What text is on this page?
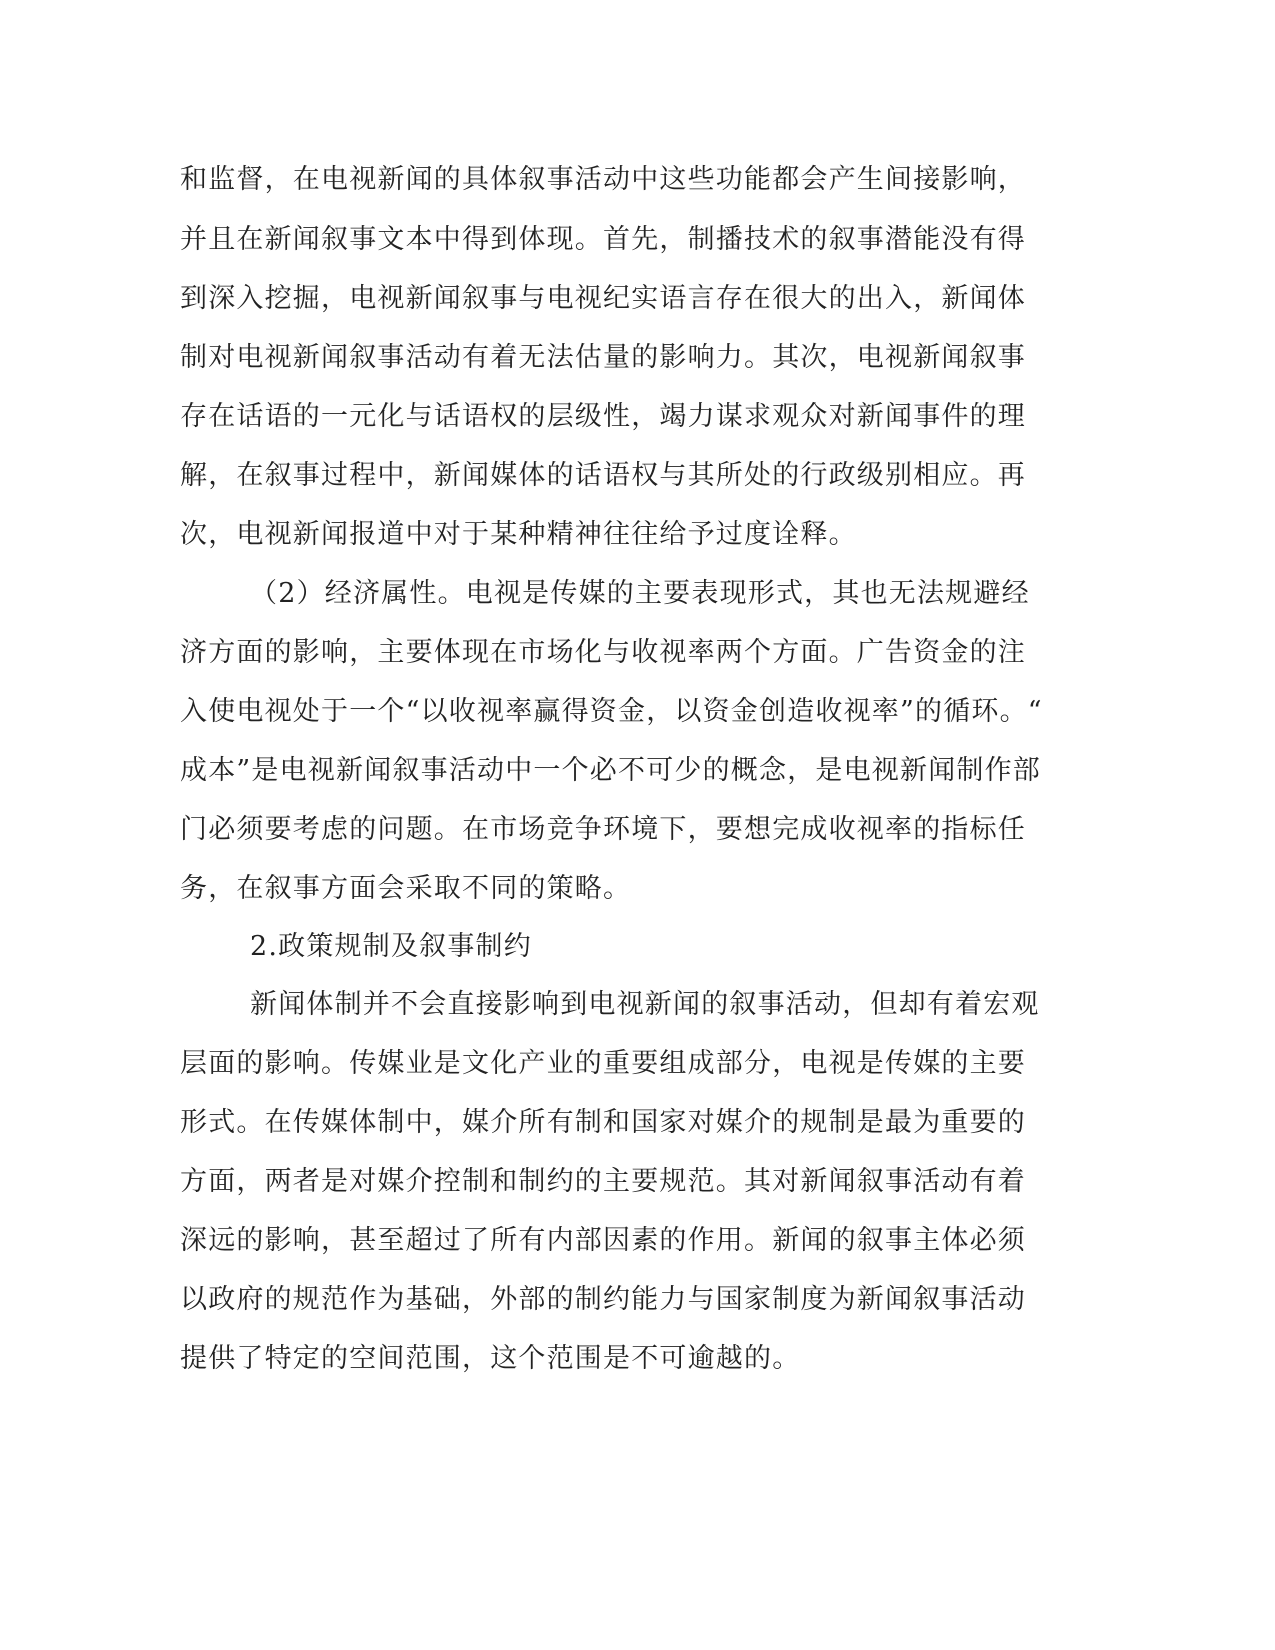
和监督，在电视新闻的具体叙事活动中这些功能都会产生间接影响，
并且在新闻叙事文本中得到体现。首先，制播技术的叙事潜能没有得
到深入挖掘，电视新闻叙事与电视纪实语言存在很大的出入，新闻体
制对电视新闻叙事活动有着无法估量的影响力。其次，电视新闻叙事
存在话语的一元化与话语权的层级性，竭力谋求观众对新闻事件的理
解，在叙事过程中，新闻媒体的话语权与其所处的行政级别相应。再
次，电视新闻报道中对于某种精神往往给予过度诠释。
（2）经济属性。电视是传媒的主要表现形式，其也无法规避经
济方面的影响，主要体现在市场化与收视率两个方面。广告资金的注
入使电视处于一个“以收视率赢得资金，以资金创造收视率”的循环。“
成本”是电视新闻叙事活动中一个必不可少的概念，是电视新闻制作部
门必须要考虑的问题。在市场竞争环境下，要想完成收视率的指标任
务，在叙事方面会采取不同的策略。
2.政策规制及叙事制约
新闻体制并不会直接影响到电视新闻的叙事活动，但却有着宏观
层面的影响。传媒业是文化产业的重要组成部分，电视是传媒的主要
形式。在传媒体制中，媒介所有制和国家对媒介的规制是最为重要的
方面，两者是对媒介控制和制约的主要规范。其对新闻叙事活动有着
深远的影响，甚至超过了所有内部因素的作用。新闻的叙事主体必须
以政府的规范作为基础，外部的制约能力与国家制度为新闻叙事活动
提供了特定的空间范围，这个范围是不可逾越的。
